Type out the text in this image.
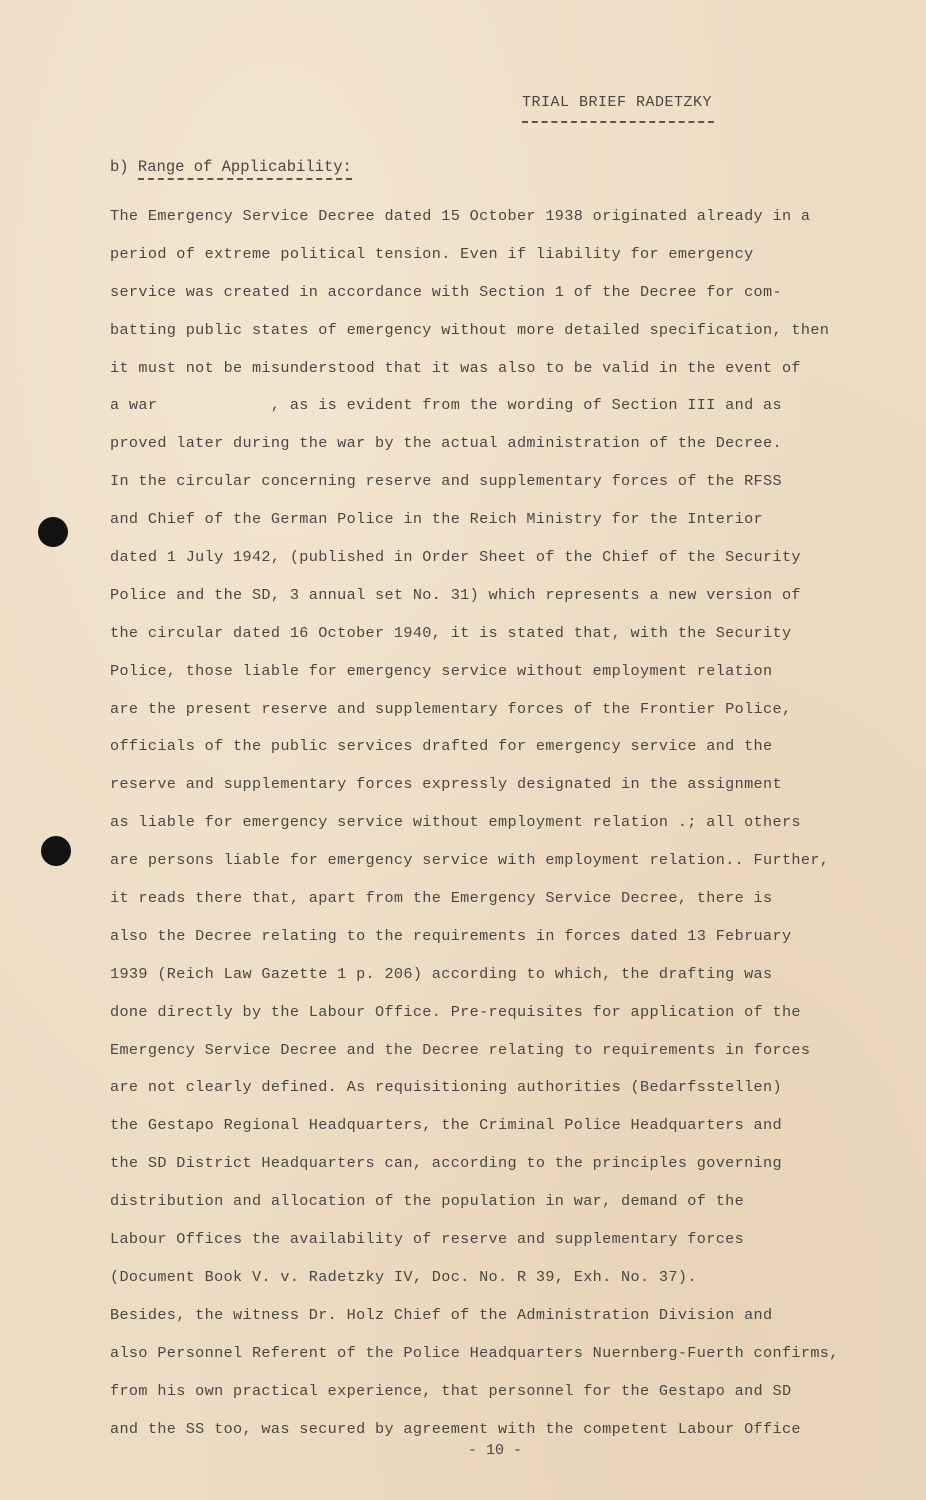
TRIAL BRIEF RADETZKY
b) Range of Applicability:
The Emergency Service Decree dated 15 October 1938 originated already in a
period of extreme political tension. Even if liability for emergency
service was created in accordance with Section 1 of the Decree for com-
batting public states of emergency without more detailed specification, then
it must not be misunderstood that it was also to be valid in the event of
a war            , as is evident from the wording of Section III and as
proved later during the war by the actual administration of the Decree.
In the circular concerning reserve and supplementary forces of the RFSS
and Chief of the German Police in the Reich Ministry for the Interior
dated 1 July 1942, (published in Order Sheet of the Chief of the Security
Police and the SD, 3 annual set No. 31) which represents a new version of
the circular dated 16 October 1940, it is stated that, with the Security
Police, those liable for emergency service without employment relation
are the present reserve and supplementary forces of the Frontier Police,
officials of the public services drafted for emergency service and the
reserve and supplementary forces expressly designated in the assignment
as liable for emergency service without employment relation .; all others
are persons liable for emergency service with employment relation.. Further,
it reads there that, apart from the Emergency Service Decree, there is
also the Decree relating to the requirements in forces dated 13 February
1939 (Reich Law Gazette 1 p. 206) according to which, the drafting was
done directly by the Labour Office. Pre-requisites for application of the
Emergency Service Decree and the Decree relating to requirements in forces
are not clearly defined. As requisitioning authorities (Bedarfsstellen)
the Gestapo Regional Headquarters, the Criminal Police Headquarters and
the SD District Headquarters can, according to the principles governing
distribution and allocation of the population in war, demand of the
Labour Offices the availability of reserve and supplementary forces
(Document Book V. v. Radetzky IV, Doc. No. R 39, Exh. No. 37).
Besides, the witness Dr. Holz Chief of the Administration Division and
also Personnel Referent of the Police Headquarters Nuernberg-Fuerth confirms,
from his own practical experience, that personnel for the Gestapo and SD
and the SS too, was secured by agreement with the competent Labour Office
- 10 -
